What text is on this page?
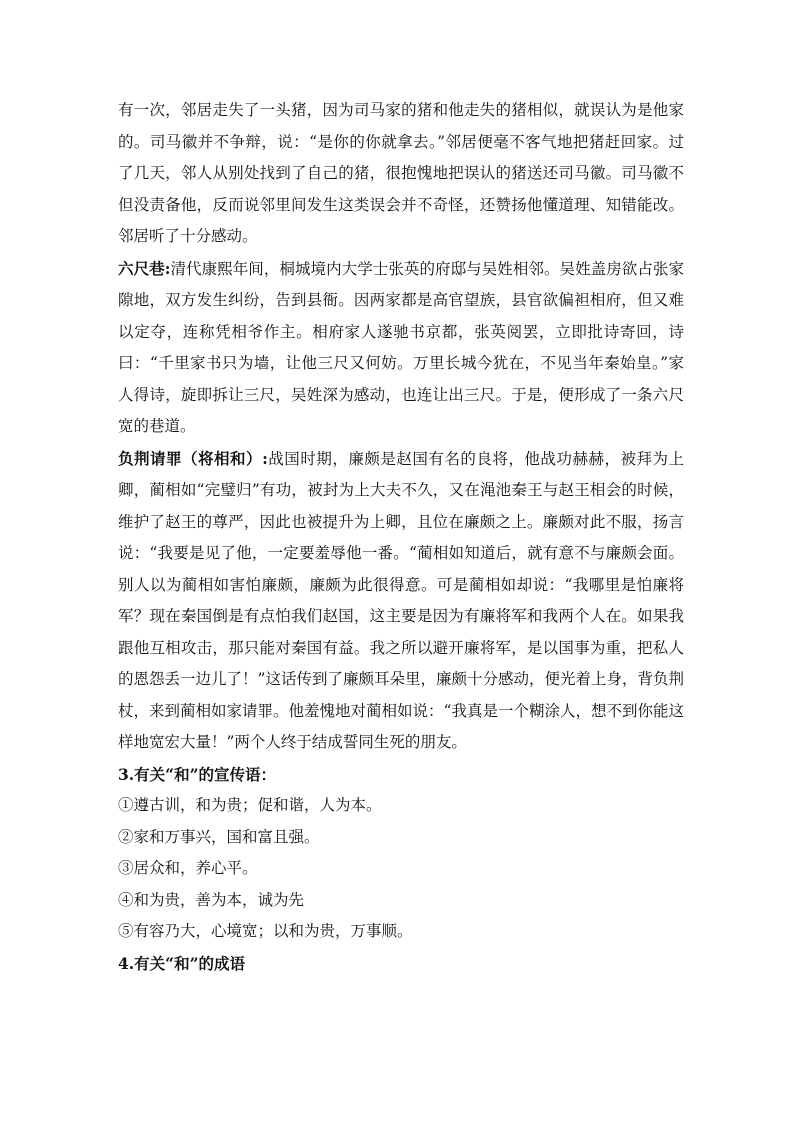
有一次，邻居走失了一头猪，因为司马家的猪和他走失的猪相似，就误认为是他家的。司马徽并不争辩，说：“是你的你就拿去。”邻居便毫不客气地把猪赶回家。过了几天，邻人从别处找到了自己的猪，很抱愧地把误认的猪送还司马徽。司马徽不但没责备他，反而说邻里间发生这类误会并不奇怪，还赞扬他懂道理、知错能改。邻居听了十分感动。

六尺巷:清代康熙年间，桐城境内大学士张英的府邸与吴姓相邻。吴姓盖房欲占张家隙地，双方发生纠纷，告到县衙。因两家都是高官望族，县官欲偏袒相府，但又难以定夺，连称凭相爷作主。相府家人遂驰书京都，张英阅罢，立即批诗寄回，诗曰：“千里家书只为墙，让他三尺又何妨。万里长城今犹在，不见当年秦始皇。”家人得诗，旋即拆让三尺，吴姓深为感动，也连让出三尺。于是，便形成了一条六尺宽的巷道。

负荆请罪（将相和）:战国时期，廉颇是赵国有名的良将，他战功赫赫，被拜为上卿，蔺相如“完璧归”有功，被封为上大夫不久，又在渑池秦王与赵王相会的时候，维护了赵王的尊严，因此也被提升为上卿，且位在廉颇之上。廉颇对此不服，扬言说：“我要是见了他，一定要羞辱他一番。“蔺相如知道后，就有意不与廉颇会面。别人以为蔺相如害怕廉颇，廉颇为此很得意。可是蔺相如却说：“我哪里是怕廉将军？现在秦国倒是有点怕我们赵国，这主要是因为有廉将军和我两个人在。如果我跟他互相攻击，那只能对秦国有益。我之所以避开廉将军，是以国事为重，把私人的恩怨丢一边儿了！”这话传到了廉颇耳朵里，廉颇十分感动，便光着上身，背负荆杖，来到蔺相如家请罪。他羞愧地对蔺相如说：“我真是一个糊涂人，想不到你能这样地宽宏大量！”两个人终于结成誓同生死的朋友。

3.有关“和”的宣传语：

①遵古训，和为贵；促和谐，人为本。

②家和万事兴，国和富且强。

③居众和，养心平。

④和为贵，善为本，诚为先

⑤有容乃大，心境宽；以和为贵，万事顺。

4.有关“和”的成语
